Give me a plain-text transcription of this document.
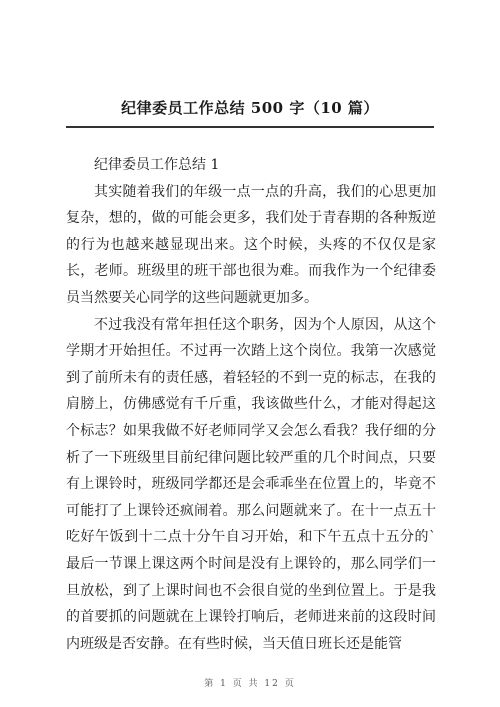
纪律委员工作总结 500 字（10 篇）

纪律委员工作总结 1

其实随着我们的年级一点一点的升高，我们的心思更加复杂，想的，做的可能会更多，我们处于青春期的各种叛逆的行为也越来越显现出来。这个时候，头疼的不仅仅是家长，老师。班级里的班干部也很为难。而我作为一个纪律委员当然要关心同学的这些问题就更加多。

不过我没有常年担任这个职务，因为个人原因，从这个学期才开始担任。不过再一次踏上这个岗位。我第一次感觉到了前所未有的责任感，着轻轻的不到一克的标志，在我的肩膀上，仿佛感觉有千斤重，我该做些什么，才能对得起这个标志？如果我做不好老师同学又会怎么看我？我仔细的分析了一下班级里目前纪律问题比较严重的几个时间点，只要有上课铃时，班级同学都还是会乖乖坐在位置上的，毕竟不可能打了上课铃还疯闹着。那么问题就来了。在十一点五十吃好午饭到十二点十分午自习开始，和下午五点十五分的`最后一节课上课这两个时间是没有上课铃的，那么同学们一旦放松，到了上课时间也不会很自觉的坐到位置上。于是我的首要抓的问题就在上课铃打响后，老师进来前的这段时间内班级是否安静。在有些时候，当天值日班长还是能管

第 1 页 共 12 页
